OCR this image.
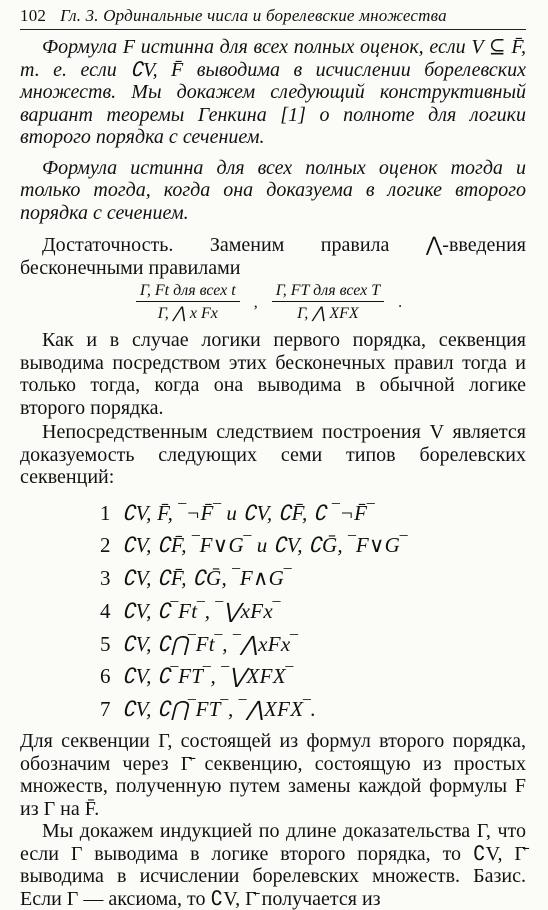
102 Гл. 3. Ординальные числа и борелевские множества

Формула F истинна для всех полных оценок, если V ⊆ F̄, т. е. если ∁V, F̄ выводима в исчислении борелевских множеств. Мы докажем следующий конструктивный вариант теоремы Генкина [1] о полноте для логики второго порядка с сечением.

Формула истинна для всех полных оценок тогда и только тогда, когда она доказуема в логике второго порядка с сечением.

Достаточность. Заменим правила ⋀-введения бесконечными правилами

$\frac{\text{Γ, Ft для всех t}}{\text{Γ, ⋀ x Fx}}$ , $\frac{\text{Γ, FT для всех T}}{\text{Γ, ⋀ XFX}}$ .

Как и в случае логики первого порядка, секвенция выводима посредством этих бесконечных правил тогда и только тогда, когда она выводима в обычной логике второго порядка.

Непосредственным следствием построения V является доказуемость следующих семи типов борелевских секвенций:

1 ∁V, F̄, ‾¬F̄‾ и ∁V, ∁F̄, ∁ ‾¬F̄‾
2 ∁V, ∁F̄, ‾F∨G‾ и ∁V, ∁Ḡ, ‾F∨G‾
3 ∁V, ∁F̄, ∁Ḡ, ‾F∧G‾
4 ∁V, ∁‾Ft‾, ‾⋁xFx‾
5 ∁V, ∁⋂‾Ft‾, ‾⋀xFx‾
6 ∁V, ∁‾FT‾, ‾⋁XFX‾
7 ∁V, ∁⋂‾FT‾, ‾⋀XFX‾.

Для секвенции Γ, состоящей из формул второго порядка, обозначим через Γ̄ секвенцию, состоящую из простых множеств, полученную путем замены каждой формулы F из Γ на F̄.

Мы докажем индукцией по длине доказательства Γ, что если Γ выводима в логике второго порядка, то ∁V, Γ̄ выводима в исчислении борелевских множеств. Базис. Если Γ — аксиома, то ∁V, Γ̄ получается из
